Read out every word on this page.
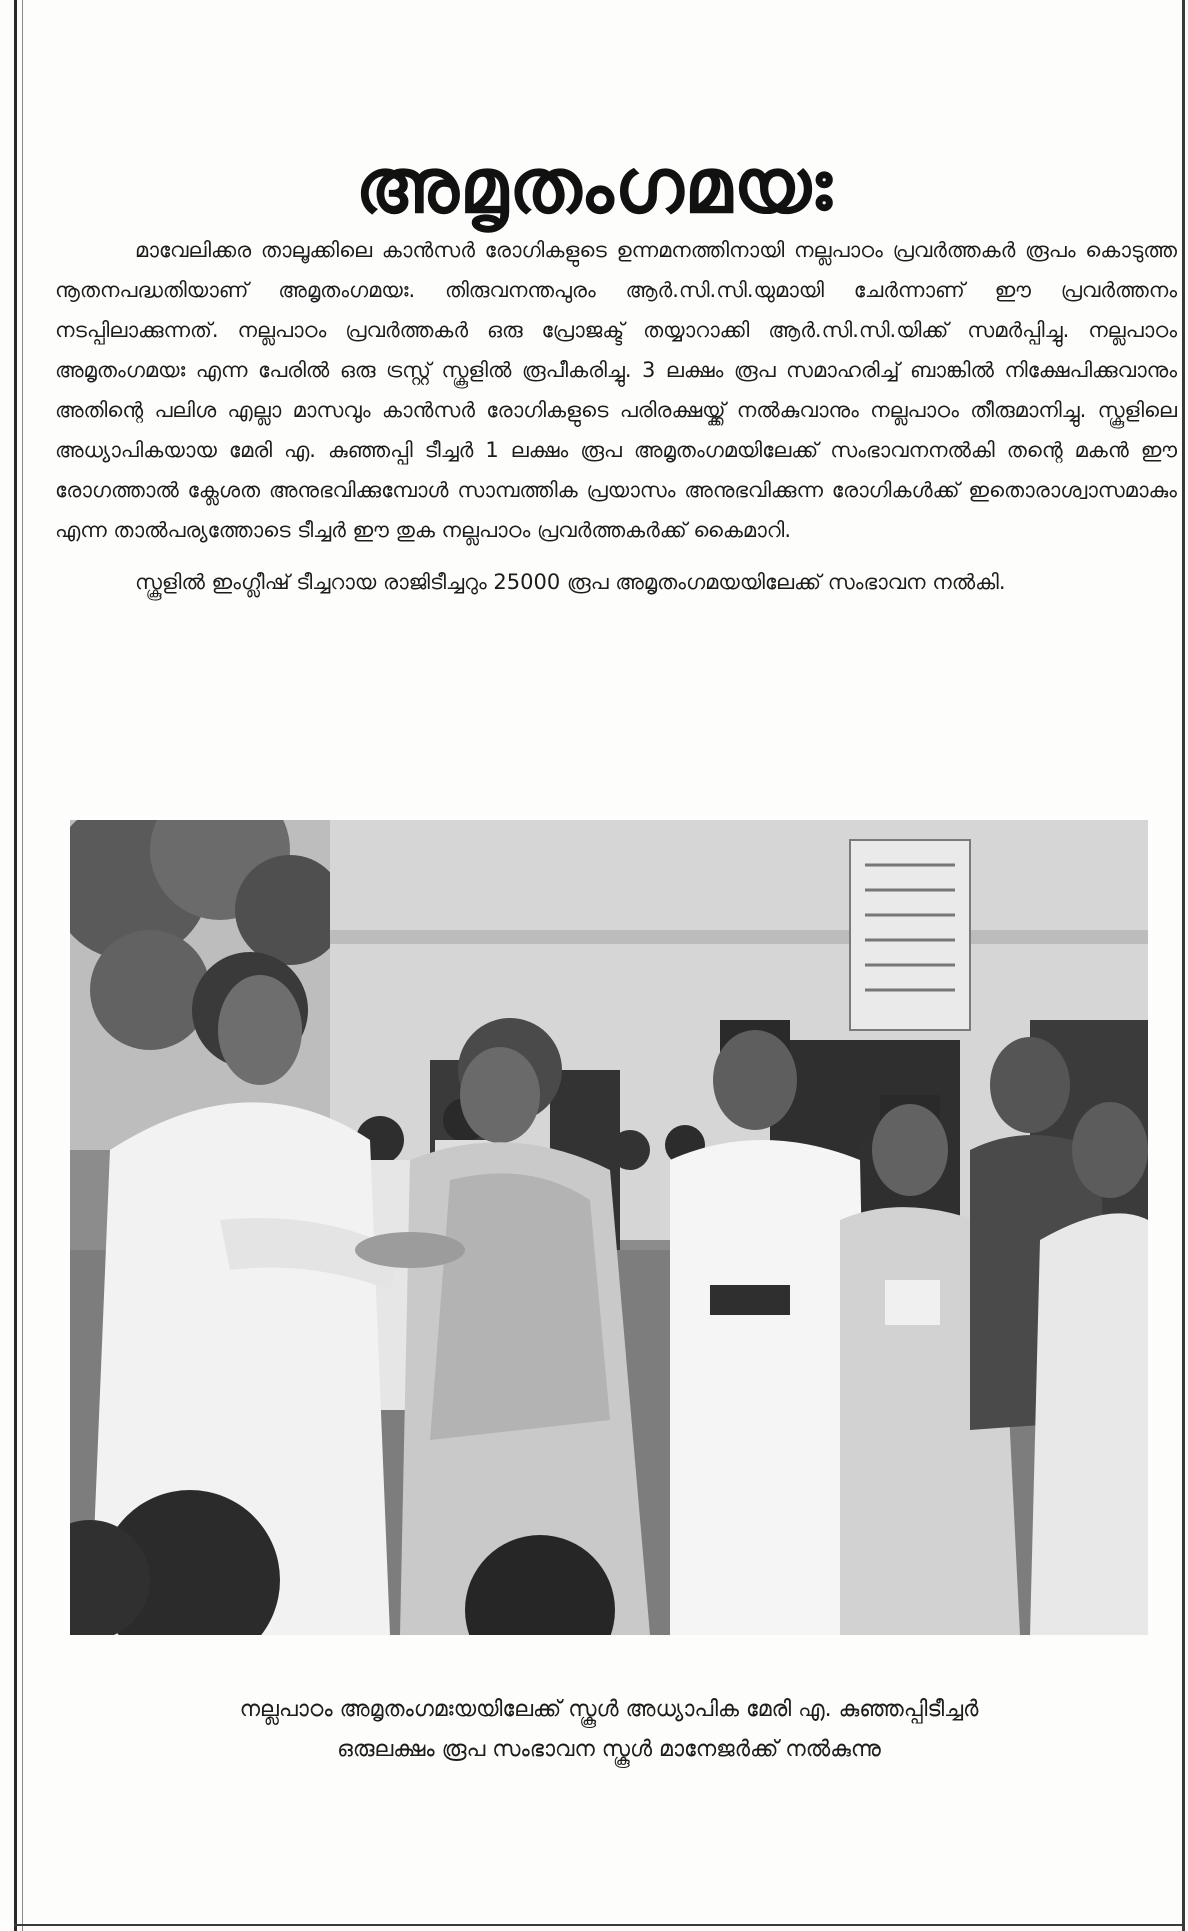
അമൃതംഗമയഃ

മാവേലിക്കര താലൂക്കിലെ കാൻസർ രോഗികളുടെ ഉന്നമനത്തിനായി നല്ലപാഠം പ്രവർത്തകർ രൂപം കൊടുത്ത നൂതനപദ്ധതിയാണ് അമൃതംഗമയഃ. തിരുവനന്തപുരം ആർ.സി.സി.യുമായി ചേർന്നാണ് ഈ പ്രവർത്തനം നടപ്പിലാക്കുന്നത്. നല്ലപാഠം പ്രവർത്തകർ ഒരു പ്രോജക്ട് തയ്യാറാക്കി ആർ.സി.സി.യിക്ക് സമർപ്പിച്ചു. നല്ലപാഠം അമൃതംഗമയഃ എന്ന പേരിൽ ഒരു ട്രസ്റ്റ് സ്കൂളിൽ രൂപീകരിച്ചു. 3 ലക്ഷം രൂപ സമാഹരിച്ച് ബാങ്കിൽ നിക്ഷേപിക്കുവാനും അതിന്റെ പലിശ എല്ലാ മാസവും കാൻസർ രോഗികളുടെ പരിരക്ഷയ്ക്ക് നൽകുവാനും നല്ലപാഠം തീരുമാനിച്ചു. സ്കൂളിലെ അധ്യാപികയായ മേരി എ. കുഞ്ഞപ്പി ടീച്ചർ 1 ലക്ഷം രൂപ അമൃതംഗമയിലേക്ക് സംഭാവനനൽകി തന്റെ മകൻ ഈ രോഗത്താൽ ക്ലേശത അനുഭവിക്കുമ്പോൾ സാമ്പത്തിക പ്രയാസം അനുഭവിക്കുന്ന രോഗികൾക്ക് ഇതൊരാശ്വാസമാകും എന്ന താൽപര്യത്തോടെ ടീച്ചർ ഈ തുക നല്ലപാഠം പ്രവർത്തകർക്ക് കൈമാറി.

സ്കൂളിൽ ഇംഗ്ലീഷ് ടീച്ചറായ രാജിടീച്ചറും 25000 രൂപ അമൃതംഗമയയിലേക്ക് സംഭാവന നൽകി.

നല്ലപാഠം അമൃതംഗമഃയയിലേക്ക് സ്കൂൾ അധ്യാപിക മേരി എ. കുഞ്ഞപ്പിടീച്ചർ
ഒരുലക്ഷം രൂപ സംഭാവന സ്കൂൾ മാനേജർക്ക് നൽകുന്നു
